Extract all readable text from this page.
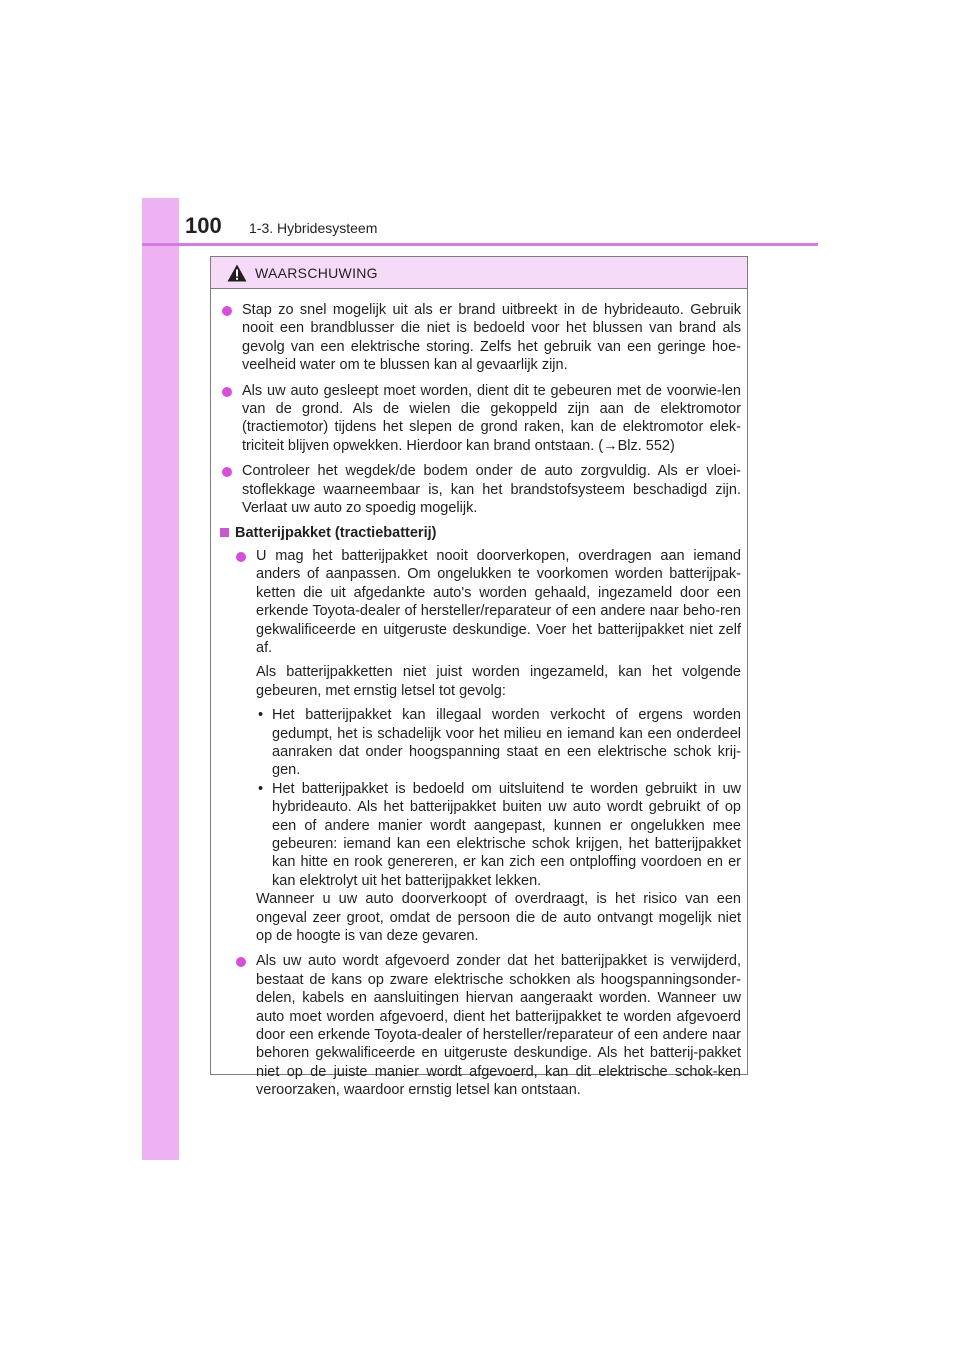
100 1-3. Hybridesysteem
WAARSCHUWING

Stap zo snel mogelijk uit als er brand uitbreekt in de hybrideauto. Gebruik nooit een brandblusser die niet is bedoeld voor het blussen van brand als gevolg van een elektrische storing. Zelfs het gebruik van een geringe hoe-veelheid water om te blussen kan al gevaarlijk zijn.

Als uw auto gesleept moet worden, dient dit te gebeuren met de voorwie-len van de grond. Als de wielen die gekoppeld zijn aan de elektromotor (tractiemotor) tijdens het slepen de grond raken, kan de elektromotor elek-triciteit blijven opwekken. Hierdoor kan brand ontstaan. (→Blz. 552)

Controleer het wegdek/de bodem onder de auto zorgvuldig. Als er vloei-stoflekkage waarneembaar is, kan het brandstofsysteem beschadigd zijn. Verlaat uw auto zo spoedig mogelijk.

Batterijpakket (tractiebatterij)

U mag het batterijpakket nooit doorverkopen, overdragen aan iemand anders of aanpassen. Om ongelukken te voorkomen worden batterijpak-ketten die uit afgedankte auto's worden gehaald, ingezameld door een erkende Toyota-dealer of hersteller/reparateur of een andere naar beho-ren gekwalificeerde en uitgeruste deskundige. Voer het batterijpakket niet zelf af.

Als batterijpakketten niet juist worden ingezameld, kan het volgende gebeuren, met ernstig letsel tot gevolg:

• Het batterijpakket kan illegaal worden verkocht of ergens worden gedumpt, het is schadelijk voor het milieu en iemand kan een onderdeel aanraken dat onder hoogspanning staat en een elektrische schok krij-gen.
• Het batterijpakket is bedoeld om uitsluitend te worden gebruikt in uw hybrideauto. Als het batterijpakket buiten uw auto wordt gebruikt of op een of andere manier wordt aangepast, kunnen er ongelukken mee gebeuren: iemand kan een elektrische schok krijgen, het batterijpakket kan hitte en rook genereren, er kan zich een ontploffing voordoen en er kan elektrolyt uit het batterijpakket lekken.

Wanneer u uw auto doorverkoopt of overdraagt, is het risico van een ongeval zeer groot, omdat de persoon die de auto ontvangt mogelijk niet op de hoogte is van deze gevaren.

Als uw auto wordt afgevoerd zonder dat het batterijpakket is verwijderd, bestaat de kans op zware elektrische schokken als hoogspanningsonder-delen, kabels en aansluitingen hiervan aangeraakt worden. Wanneer uw auto moet worden afgevoerd, dient het batterijpakket te worden afgevoerd door een erkende Toyota-dealer of hersteller/reparateur of een andere naar behoren gekwalificeerde en uitgeruste deskundige. Als het batterij-pakket niet op de juiste manier wordt afgevoerd, kan dit elektrische schok-ken veroorzaken, waardoor ernstig letsel kan ontstaan.
